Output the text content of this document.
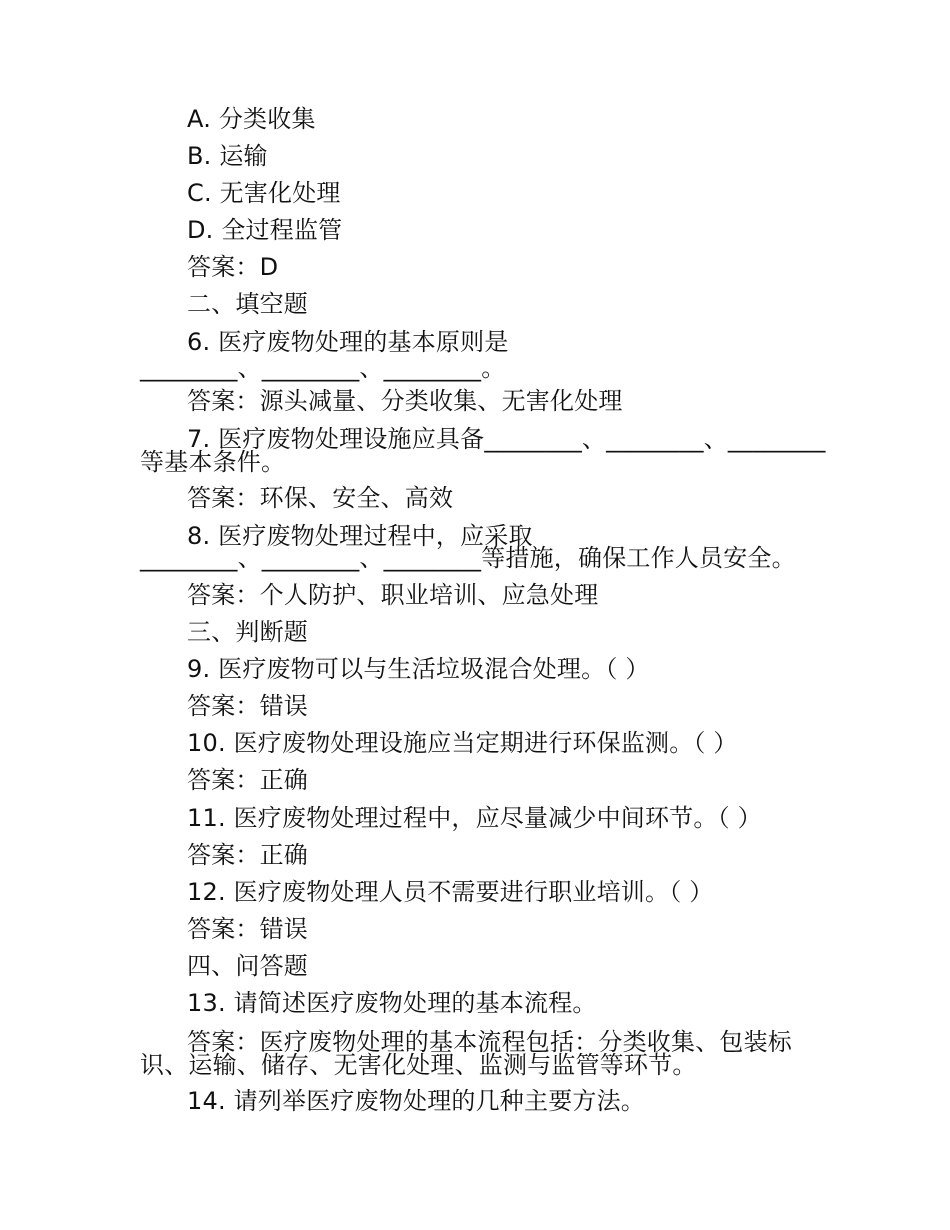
A. 分类收集
B. 运输
C. 无害化处理
D. 全过程监管
答案：D
二、填空题
6. 医疗废物处理的基本原则是
________、________、________。
答案：源头减量、分类收集、无害化处理
7. 医疗废物处理设施应具备________、________、________
等基本条件。
答案：环保、安全、高效
8. 医疗废物处理过程中，应采取
________、________、________等措施，确保工作人员安全。
答案：个人防护、职业培训、应急处理
三、判断题
9. 医疗废物可以与生活垃圾混合处理。（ ）
答案：错误
10. 医疗废物处理设施应当定期进行环保监测。（ ）
答案：正确
11. 医疗废物处理过程中，应尽量减少中间环节。（ ）
答案：正确
12. 医疗废物处理人员不需要进行职业培训。（ ）
答案：错误
四、问答题
13. 请简述医疗废物处理的基本流程。
答案：医疗废物处理的基本流程包括：分类收集、包装标
识、运输、储存、无害化处理、监测与监管等环节。
14. 请列举医疗废物处理的几种主要方法。
